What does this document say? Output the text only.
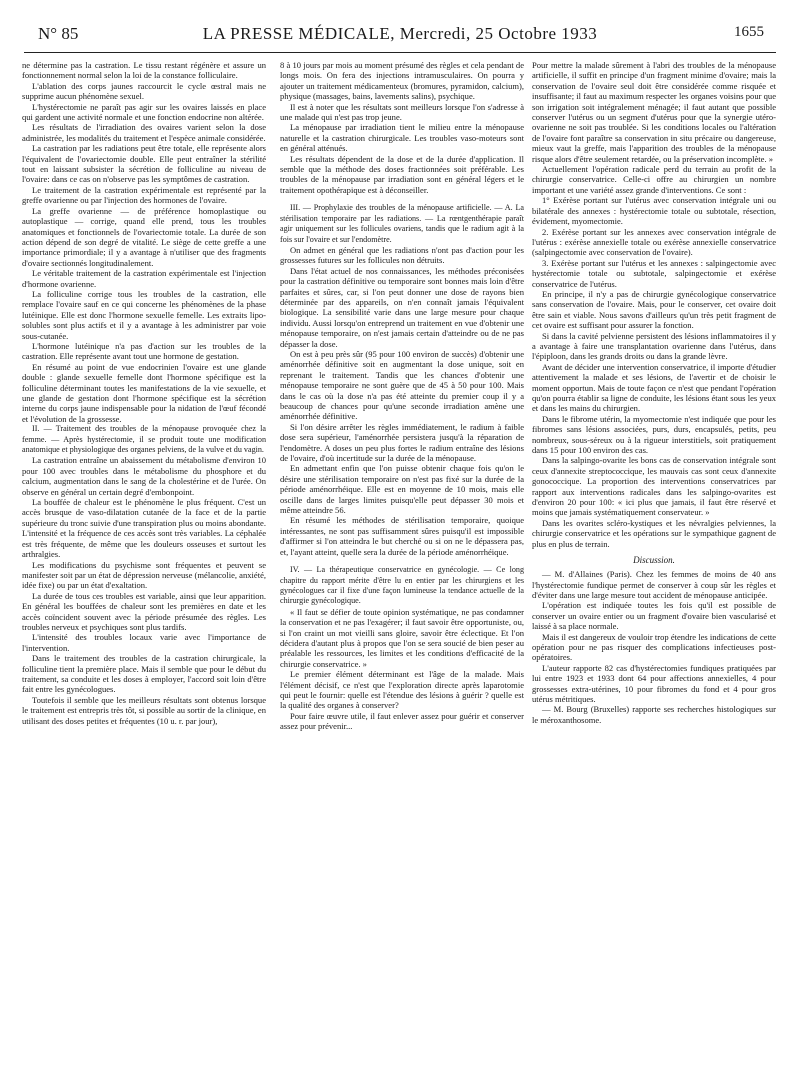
N° 85	LA PRESSE MÉDICALE, Mercredi, 25 Octobre 1933	1655

ne détermine pas la castration. Le tissu restant régénère et assure un fonctionnement normal selon la loi de la constance folliculaire.

L'ablation des corps jaunes raccourcit le cycle œstral mais ne supprime aucun phénomène sexuel.

L'hystérectomie ne paraît pas agir sur les ovaires laissés en place qui gardent une activité normale et une fonction endocrine non altérée.

Les résultats de l'irradiation des ovaires varient selon la dose administrée, les modalités du traitement et l'espèce animale considérée.

La castration par les radiations peut être totale, elle représente alors l'équivalent de l'ovariectomie double. Elle peut entraîner la stérilité tout en laissant subsister la sécrétion de folliculine au niveau de l'ovaire: dans ce cas on n'observe pas les symptômes de castration.

Le traitement de la castration expérimentale est représenté par la greffe ovarienne ou par l'injection des hormones de l'ovaire.

La greffe ovarienne — de préférence homoplastique ou autoplastique — corrige, quand elle prend, tous les troubles anatomiques et fonctionnels de l'ovariectomie totale. La durée de son action dépend de son degré de vitalité. Le siège de cette greffe a une importance primordiale; il y a avantage à n'utiliser que des fragments d'ovaire sectionnés longitudinalement.

Le véritable traitement de la castration expérimentale est l'injection d'hormone ovarienne.

La folliculine corrige tous les troubles de la castration, elle remplace l'ovaire sauf en ce qui concerne les phénomènes de la phase lutéinique. Elle est donc l'hormone sexuelle femelle. Les extraits lipo-solubles sont plus actifs et il y a avantage à les administrer par voie sous-cutanée.

L'hormone lutéinique n'a pas d'action sur les troubles de la castration. Elle représente avant tout une hormone de gestation.

En résumé au point de vue endocrinien l'ovaire est une glande double : glande sexuelle femelle dont l'hormone spécifique est la folliculine déterminant toutes les manifestations de la vie sexuelle, et une glande de gestation dont l'hormone spécifique est la sécrétion interne du corps jaune indispensable pour la nidation de l'œuf fécondé et l'évolution de la grossesse.

II. — Traitement des troubles de la ménopause provoquée chez la femme. — Après hystérectomie, il se produit toute une modification anatomique et physiologique des organes pelviens, de la vulve et du vagin.

La castration entraîne un abaissement du métabolisme d'environ 10 pour 100 avec troubles dans le métabolisme du phosphore et du calcium, augmentation dans le sang de la cholestérine et de l'urée. On observe en général un certain degré d'embonpoint.

La bouffée de chaleur est le phénomène le plus fréquent. C'est un accès brusque de vaso-dilatation cutanée de la face et de la partie supérieure du tronc suivie d'une transpiration plus ou moins abondante. L'intensité et la fréquence de ces accès sont très variables. La céphalée est très fréquente, de même que les douleurs osseuses et surtout les arthralgies.

Les modifications du psychisme sont fréquentes et peuvent se manifester soit par un état de dépression nerveuse (mélancolie, anxiété, idée fixe) ou par un état d'exaltation.

La durée de tous ces troubles est variable, ainsi que leur apparition. En général les bouffées de chaleur sont les premières en date et les accès coïncident souvent avec la période présumée des règles. Les troubles nerveux et psychiques sont plus tardifs.

L'intensité des troubles locaux varie avec l'importance de l'intervention.

Dans le traitement des troubles de la castration chirurgicale, la folliculine tient la première place. Mais il semble que pour le début du traitement, sa conduite et les doses à employer, l'accord soit loin d'être fait entre les gynécologues.

Toutefois il semble que les meilleurs résultats sont obtenus lorsque le traitement est entrepris très tôt, si possible au sortir de la clinique, en utilisant des doses petites et fréquentes (10 u. r. par jour),

8 à 10 jours par mois au moment présumé des règles et cela pendant de longs mois. On fera des injections intramusculaires. On pourra y ajouter un traitement médicamenteux (bromures, pyramidon, calcium), physique (massages, bains, lavements salins), psychique.

Il est à noter que les résultats sont meilleurs lorsque l'on s'adresse à une malade qui n'est pas trop jeune.

La ménopause par irradiation tient le milieu entre la ménopause naturelle et la castration chirurgicale. Les troubles vaso-moteurs sont en général atténués.

Les résultats dépendent de la dose et de la durée d'application. Il semble que la méthode des doses fractionnées soit préférable. Les troubles de la ménopause par irradiation sont en général légers et le traitement opothérapique est à déconseiller.

III. — Prophylaxie des troubles de la ménopause artificielle. — A. La stérilisation temporaire par les radiations. — La rœntgenthérapie paraît agir uniquement sur les follicules ovariens, tandis que le radium agit à la fois sur l'ovaire et sur l'endomètre.

On admet en général que les radiations n'ont pas d'action pour les grossesses futures sur les follicules non détruits.

Dans l'état actuel de nos connaissances, les méthodes préconisées pour la castration définitive ou temporaire sont bonnes mais loin d'être parfaites et sûres, car, si l'on peut donner une dose de rayons bien déterminée par des appareils, on n'en connaît jamais l'équivalent biologique. La sensibilité varie dans une large mesure pour chaque individu. Aussi lorsqu'on entreprend un traitement en vue d'obtenir une ménopause temporaire, on n'est jamais certain d'atteindre ou de ne pas dépasser la dose.

On est à peu près sûr (95 pour 100 environ de succès) d'obtenir une aménorrhée définitive soit en augmentant la dose unique, soit en reprenant le traitement. Tandis que les chances d'obtenir une ménopause temporaire ne sont guère que de 45 à 50 pour 100. Mais dans le cas où la dose n'a pas été atteinte du premier coup il y a beaucoup de chances pour qu'une seconde irradiation amène une aménorrhée définitive.

Si l'on désire arrêter les règles immédiatement, le radium à faible dose sera supérieur, l'aménorrhée persistera jusqu'à la réparation de l'endomètre. A doses un peu plus fortes le radium entraîne des lésions de l'ovaire, d'où incertitude sur la durée de la ménopause.

En admettant enfin que l'on puisse obtenir chaque fois qu'on le désire une stérilisation temporaire on n'est pas fixé sur la durée de la période aménorrhéique. Elle est en moyenne de 10 mois, mais elle oscille dans de larges limites puisqu'elle peut dépasser 30 mois et même atteindre 56.

En résumé les méthodes de stérilisation temporaire, quoique intéressantes, ne sont pas suffisamment sûres puisqu'il est impossible d'affirmer si l'on atteindra le but cherché ou si on ne le dépassera pas, et, l'ayant atteint, quelle sera la durée de la période aménorrhéique.

IV. — La thérapeutique conservatrice en gynécologie. — Ce long chapitre du rapport mérite d'être lu en entier par les chirurgiens et les gynécologues car il fixe d'une façon lumineuse la tendance actuelle de la chirurgie gynécologique.

« Il faut se défier de toute opinion systématique, ne pas condamner la conservation et ne pas l'exagérer; il faut savoir être opportuniste, ou, si l'on craint un mot vieilli sans gloire, savoir être éclectique. Et l'on décidera d'autant plus à propos que l'on se sera soucié de bien peser au préalable les ressources, les limites et les conditions d'efficacité de la chirurgie conservatrice. »

Le premier élément déterminant est l'âge de la malade. Mais l'élément décisif, ce n'est que l'exploration directe après laparotomie qui peut le fournir: quelle est l'étendue des lésions à guérir ? quelle est la qualité des organes à conserver?

Pour faire œuvre utile, il faut enlever assez pour guérir et conserver assez pour prévenir...

Pour mettre la malade sûrement à l'abri des troubles de la ménopause artificielle, il suffit en principe d'un fragment minime d'ovaire; mais la conservation de l'ovaire seul doit être considérée comme risquée et insuffisante; il faut au maximum respecter les organes voisins pour que son irrigation soit intégralement ménagée; il faut autant que possible conserver l'utérus ou un segment d'utérus pour que la synergie utéro-ovarienne ne soit pas troublée. Si les conditions locales ou l'altération de l'ovaire font paraître sa conservation in situ précaire ou dangereuse, mieux vaut la greffe, mais l'apparition des troubles de la ménopause risque alors d'être seulement retardée, ou la préservation incomplète. »

Actuellement l'opération radicale perd du terrain au profit de la chirurgie conservatrice. Celle-ci offre au chirurgien un nombre important et une variété assez grande d'interventions. Ce sont :

1° Exérèse portant sur l'utérus avec conservation intégrale uni ou bilatérale des annexes : hystérectomie totale ou subtotale, résection, évidement, myomectomie.

2. Exérèse portant sur les annexes avec conservation intégrale de l'utérus : exérèse annexielle totale ou exérèse annexielle conservatrice (salpingectomie avec conservation de l'ovaire).

3. Exérèse portant sur l'utérus et les annexes : salpingectomie avec hystérectomie totale ou subtotale, salpingectomie et exérèse conservatrice de l'utérus.

En principe, il n'y a pas de chirurgie gynécologique conservatrice sans conservation de l'ovaire. Mais, pour le conserver, cet ovaire doit être sain et viable. Nous savons d'ailleurs qu'un très petit fragment de cet ovaire est suffisant pour assurer la fonction.

Si dans la cavité pelvienne persistent des lésions inflammatoires il y a avantage à faire une transplantation ovarienne dans l'utérus, dans l'épiploon, dans les grands droits ou dans la grande lèvre.

Avant de décider une intervention conservatrice, il importe d'étudier attentivement la malade et ses lésions, de l'avertir et de choisir le moment opportun. Mais de toute façon ce n'est que pendant l'opération qu'on pourra établir sa ligne de conduite, les lésions étant sous les yeux et dans les mains du chirurgien.

Dans le fibrome utérin, la myomectomie n'est indiquée que pour les fibromes sans lésions associées, purs, durs, encapsulés, petits, peu nombreux, sous-séreux ou à la rigueur interstitiels, soit pratiquement dans 15 pour 100 environ des cas.

Dans la salpingo-ovarite les bons cas de conservation intégrale sont ceux d'annexite streptococcique, les mauvais cas sont ceux d'annexite gonococcique. La proportion des interventions conservatrices par rapport aux interventions radicales dans les salpingo-ovarites est d'environ 20 pour 100: « ici plus que jamais, il faut être réservé et moins que jamais systématiquement conservateur. »

Dans les ovarites scléro-kystiques et les névralgies pelviennes, la chirurgie conservatrice et les opérations sur le sympathique gagnent de plus en plus de terrain.

Discussion.

— M. d'Allaines (Paris). Chez les femmes de moins de 40 ans l'hystérectomie fundique permet de conserver à coup sûr les règles et d'éviter dans une large mesure tout accident de ménopause anticipée.

L'opération est indiquée toutes les fois qu'il est possible de conserver un ovaire entier ou un fragment d'ovaire bien vascularisé et laissé à sa place normale.

Mais il est dangereux de vouloir trop étendre les indications de cette opération pour ne pas risquer des complications infectieuses post-opératoires.

L'auteur rapporte 82 cas d'hystérectomies fundiques pratiquées par lui entre 1923 et 1933 dont 64 pour affections annexielles, 4 pour grossesses extra-utérines, 10 pour fibromes du fond et 4 pour gros utérus métritiques.

— M. Bourg (Bruxelles) rapporte ses recherches histologiques sur le méroxanthosome.
